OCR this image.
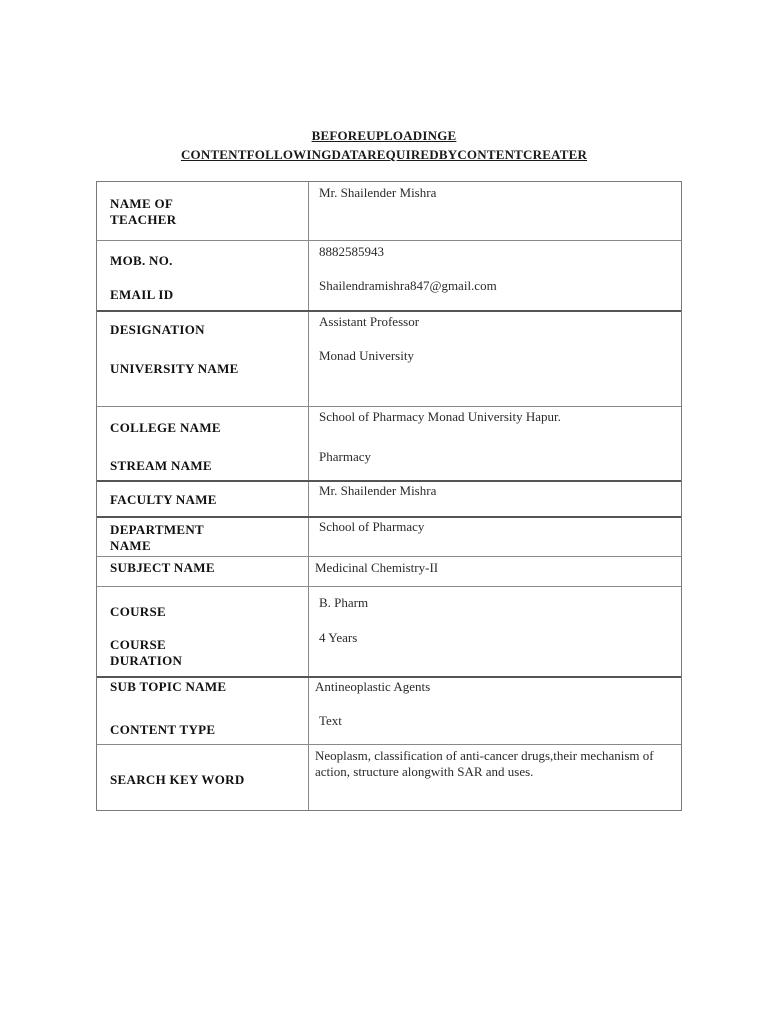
BEFOREUPLOADINGE
CONTENTFOLLOWINGDATAREQUIREDBYCONTENTCREATER
NAME OF TEACHER
MOB. NO.
EMAIL ID
DESIGNATION
UNIVERSITY NAME
COLLEGE NAME
STREAM NAME
FACULTY NAME
DEPARTMENT NAME
SUBJECT NAME
COURSE
COURSE DURATION
SUB TOPIC NAME
CONTENT TYPE
SEARCH KEY WORD
Mr. Shailender Mishra
8882585943
Shailendramishra847@gmail.com
Assistant Professor
Monad University
School of Pharmacy Monad University Hapur.
Pharmacy
Mr. Shailender Mishra
School of Pharmacy
Medicinal Chemistry-II
B. Pharm
4 Years
Antineoplastic Agents
Text
Neoplasm, classification of anti-cancer drugs,their mechanism of action, structure alongwith SAR and uses.
